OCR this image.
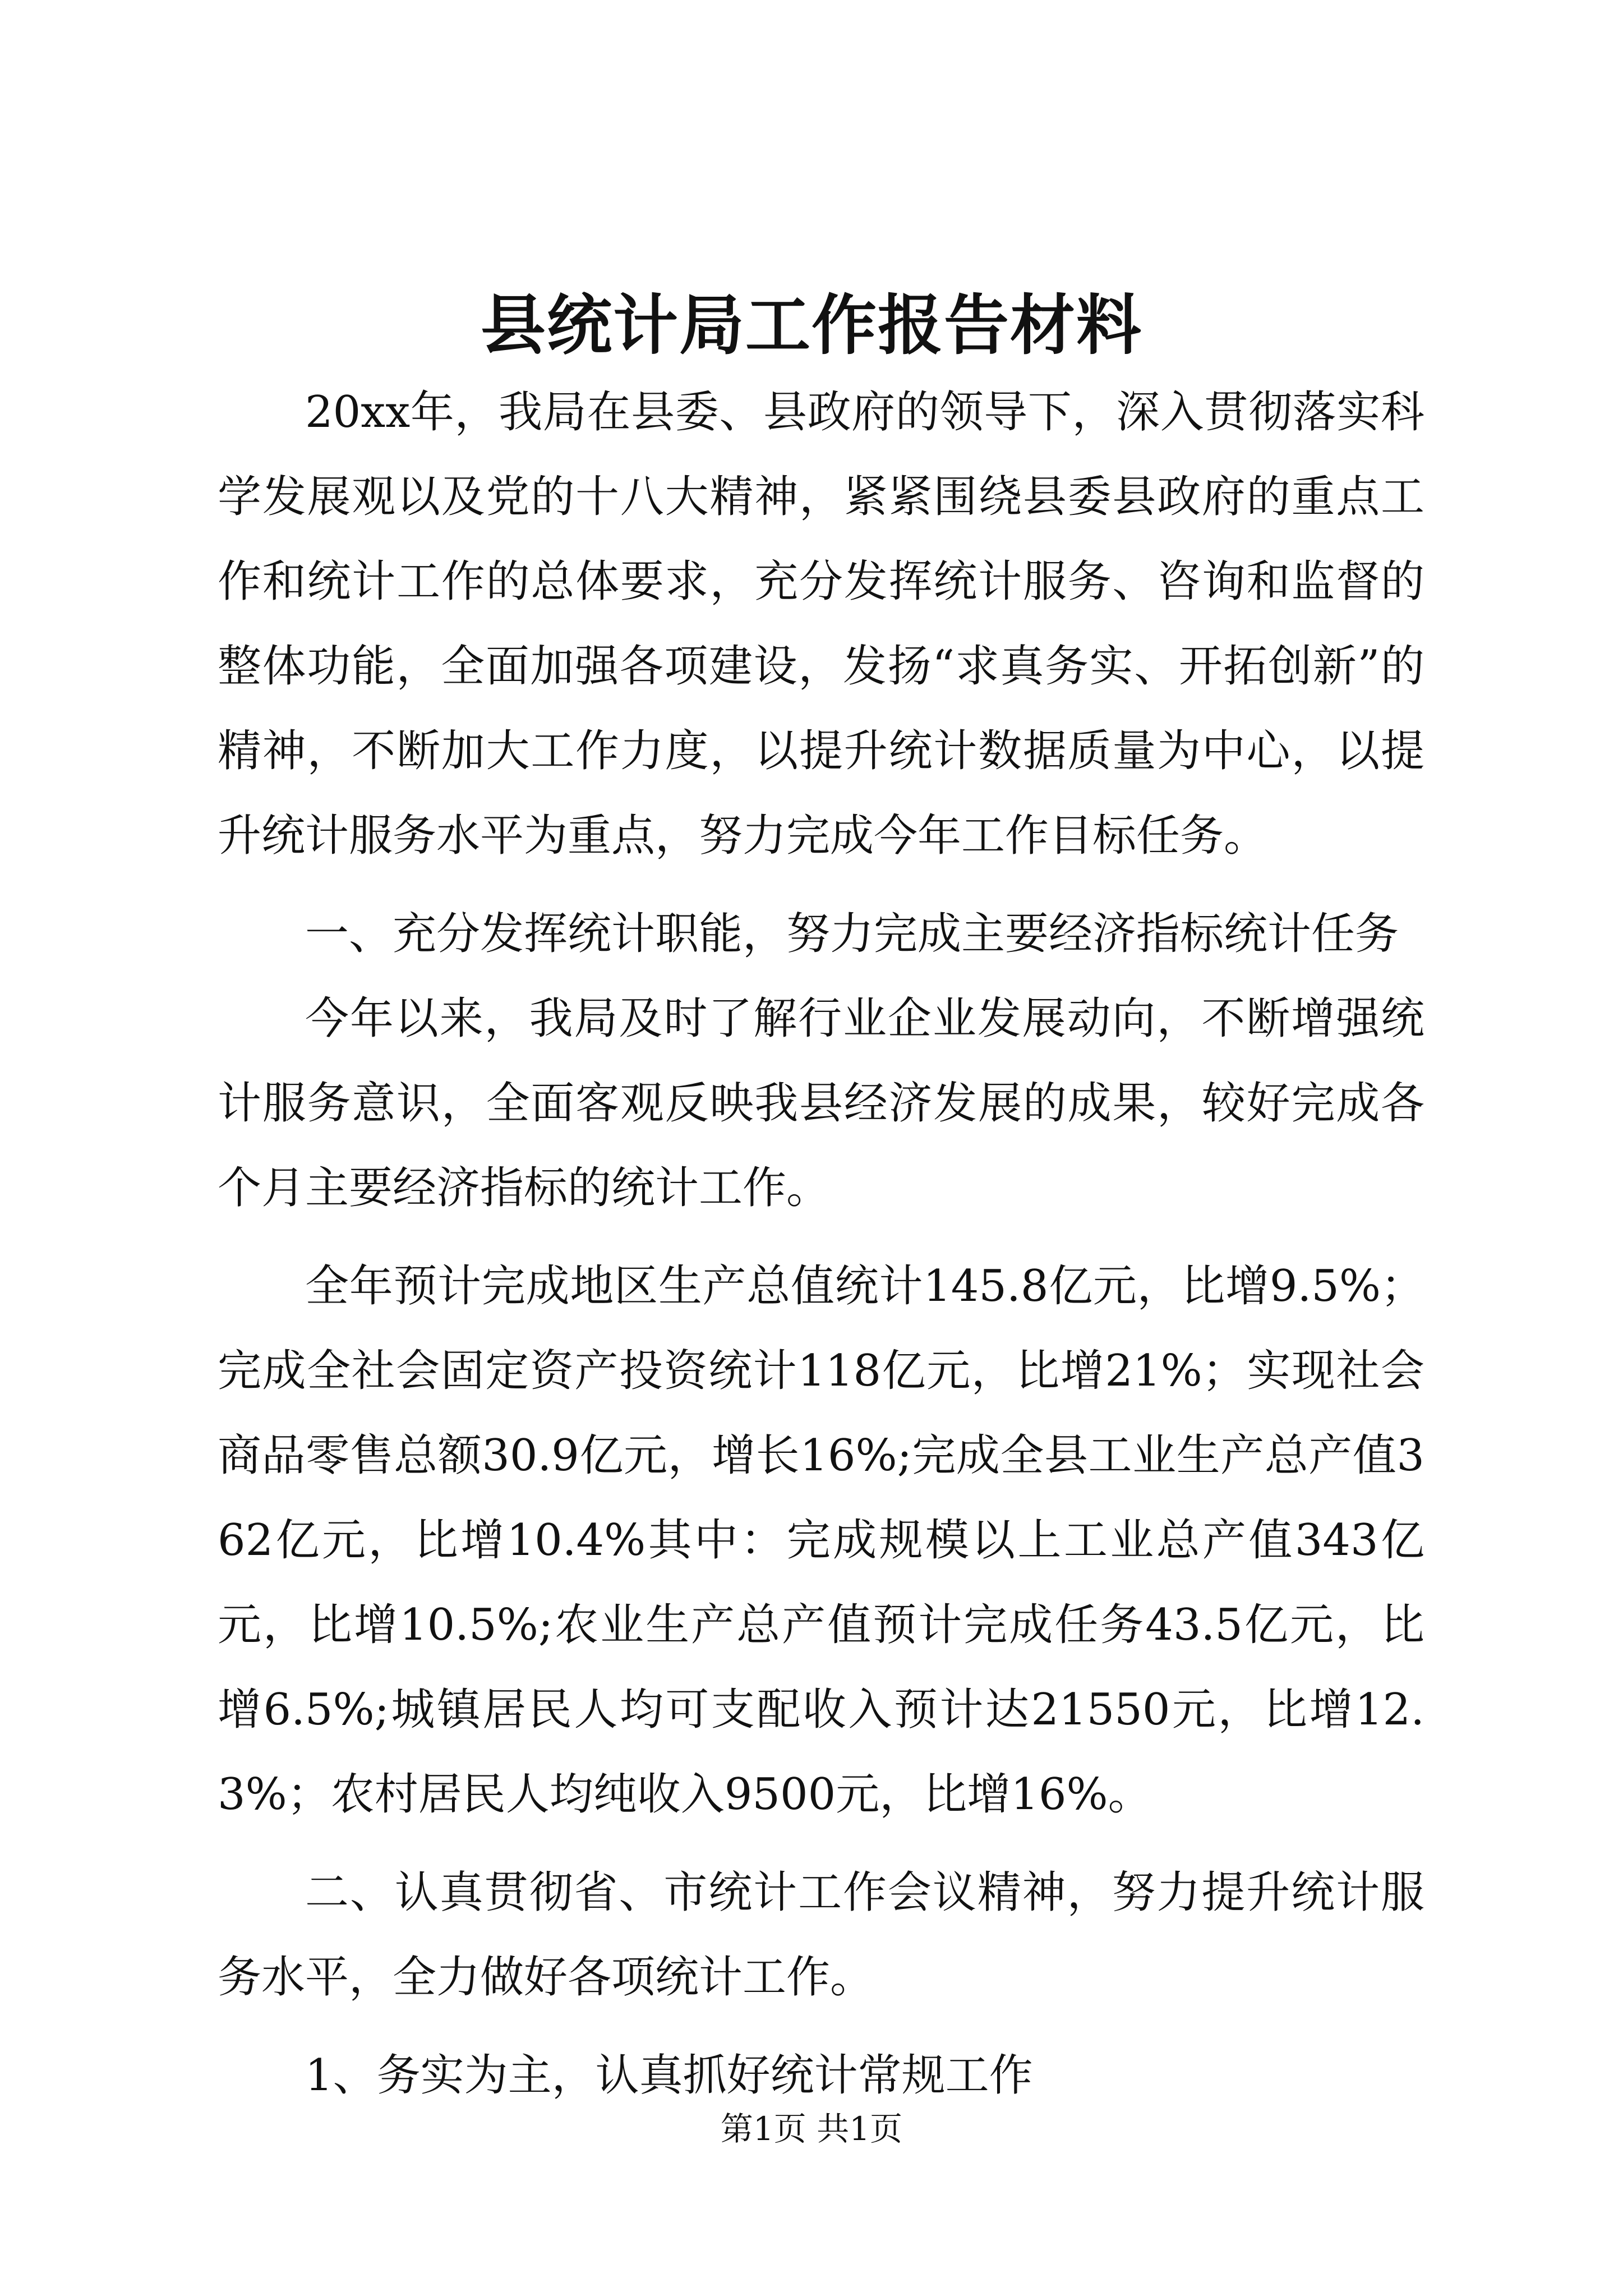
县统计局工作报告材料

20xx年，我局在县委、县政府的领导下，深入贯彻落实科学发展观以及党的十八大精神，紧紧围绕县委县政府的重点工作和统计工作的总体要求，充分发挥统计服务、咨询和监督的整体功能，全面加强各项建设，发扬“求真务实、开拓创新”的精神，不断加大工作力度，以提升统计数据质量为中心，以提升统计服务水平为重点，努力完成今年工作目标任务。

一、充分发挥统计职能，努力完成主要经济指标统计任务

今年以来，我局及时了解行业企业发展动向，不断增强统计服务意识，全面客观反映我县经济发展的成果，较好完成各个月主要经济指标的统计工作。

全年预计完成地区生产总值统计145.8亿元，比增9.5%；完成全社会固定资产投资统计118亿元，比增21%；实现社会商品零售总额30.9亿元，增长16%;完成全县工业生产总产值362亿元，比增10.4%其中：完成规模以上工业总产值343亿元，比增10.5%;农业生产总产值预计完成任务43.5亿元，比增6.5%;城镇居民人均可支配收入预计达21550元，比增12.3%；农村居民人均纯收入9500元，比增16%。

二、认真贯彻省、市统计工作会议精神，努力提升统计服务水平，全力做好各项统计工作。

1、务实为主，认真抓好统计常规工作

第1页 共1页
